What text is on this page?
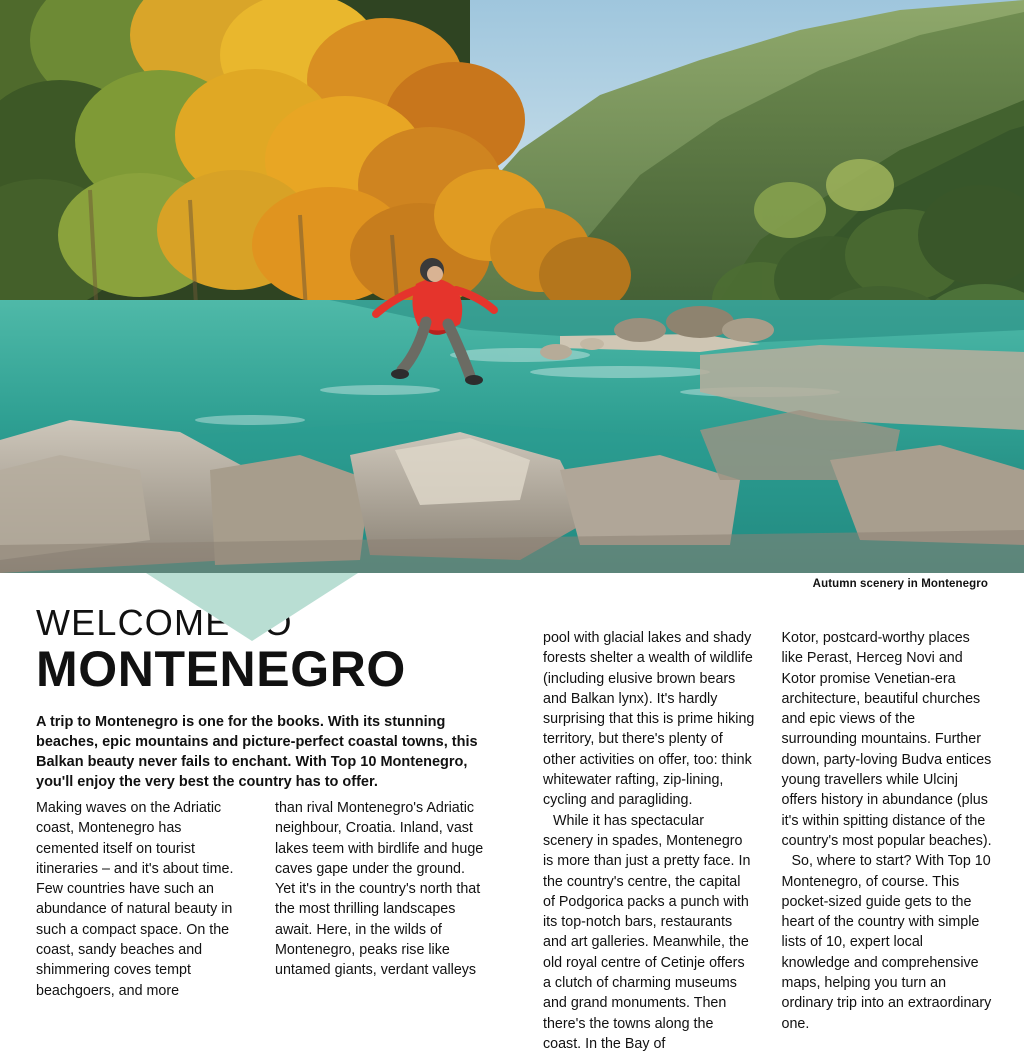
Autumn scenery in Montenegro
WELCOME TO
MONTENEGRO

A trip to Montenegro is one for the books. With its stunning beaches, epic mountains and picture-perfect coastal towns, this Balkan beauty never fails to enchant. With Top 10 Montenegro, you'll enjoy the very best the country has to offer.

Making waves on the Adriatic coast, Montenegro has cemented itself on tourist itineraries – and it's about time. Few countries have such an abundance of natural beauty in such a compact space. On the coast, sandy beaches and shimmering coves tempt beachgoers, and more

than rival Montenegro's Adriatic neighbour, Croatia. Inland, vast lakes teem with birdlife and huge caves gape under the ground. Yet it's in the country's north that the most thrilling landscapes await. Here, in the wilds of Montenegro, peaks rise like untamed giants, verdant valleys

pool with glacial lakes and shady forests shelter a wealth of wildlife (including elusive brown bears and Balkan lynx). It's hardly surprising that this is prime hiking territory, but there's plenty of other activities on offer, too: think whitewater rafting, zip-lining, cycling and paragliding.

While it has spectacular scenery in spades, Montenegro is more than just a pretty face. In the country's centre, the capital of Podgorica packs a punch with its top-notch bars, restaurants and art galleries. Meanwhile, the old royal centre of Cetinje offers a clutch of charming museums and grand monuments. Then there's the towns along the coast. In the Bay of

Kotor, postcard-worthy places like Perast, Herceg Novi and Kotor promise Venetian-era architecture, beautiful churches and epic views of the surrounding mountains. Further down, party-loving Budva entices young travellers while Ulcinj offers history in abundance (plus it's within spitting distance of the country's most popular beaches).

So, where to start? With Top 10 Montenegro, of course. This pocket-sized guide gets to the heart of the country with simple lists of 10, expert local knowledge and comprehensive maps, helping you turn an ordinary trip into an extraordinary one.
